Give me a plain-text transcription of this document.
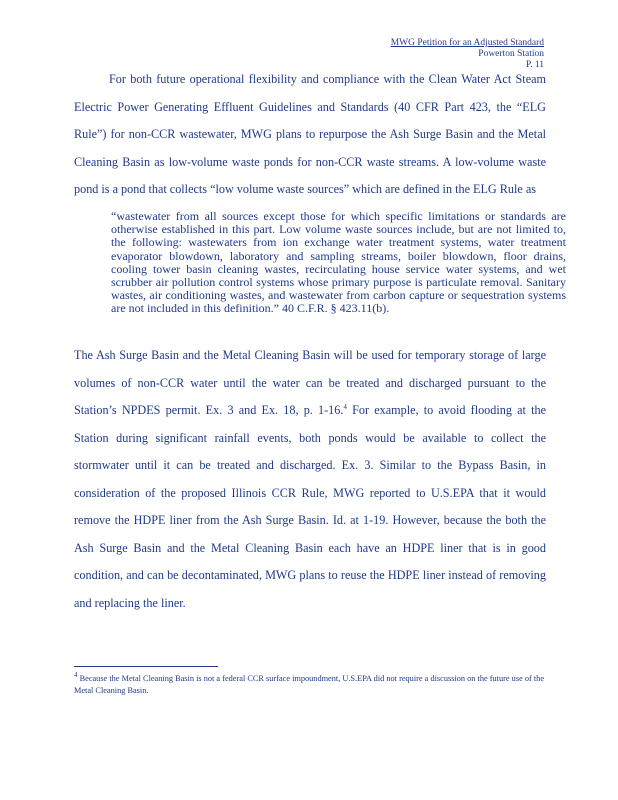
MWG Petition for an Adjusted Standard
Powerton Station
P. 11
For both future operational flexibility and compliance with the Clean Water Act Steam Electric Power Generating Effluent Guidelines and Standards (40 CFR Part 423, the “ELG Rule”) for non-CCR wastewater, MWG plans to repurpose the Ash Surge Basin and the Metal Cleaning Basin as low-volume waste ponds for non-CCR waste streams. A low-volume waste pond is a pond that collects “low volume waste sources” which are defined in the ELG Rule as
“wastewater from all sources except those for which specific limitations or standards are otherwise established in this part. Low volume waste sources include, but are not limited to, the following: wastewaters from ion exchange water treatment systems, water treatment evaporator blowdown, laboratory and sampling streams, boiler blowdown, floor drains, cooling tower basin cleaning wastes, recirculating house service water systems, and wet scrubber air pollution control systems whose primary purpose is particulate removal. Sanitary wastes, air conditioning wastes, and wastewater from carbon capture or sequestration systems are not included in this definition.” 40 C.F.R. § 423.11(b).
The Ash Surge Basin and the Metal Cleaning Basin will be used for temporary storage of large volumes of non-CCR water until the water can be treated and discharged pursuant to the Station’s NPDES permit. Ex. 3 and Ex. 18, p. 1-16.$^4$ For example, to avoid flooding at the Station during significant rainfall events, both ponds would be available to collect the stormwater until it can be treated and discharged. Ex. 3. Similar to the Bypass Basin, in consideration of the proposed Illinois CCR Rule, MWG reported to U.S.EPA that it would remove the HDPE liner from the Ash Surge Basin. Id. at 1-19. However, because the both the Ash Surge Basin and the Metal Cleaning Basin each have an HDPE liner that is in good condition, and can be decontaminated, MWG plans to reuse the HDPE liner instead of removing and replacing the liner.
$^4$ Because the Metal Cleaning Basin is not a federal CCR surface impoundment, U.S.EPA did not require a discussion on the future use of the Metal Cleaning Basin.
